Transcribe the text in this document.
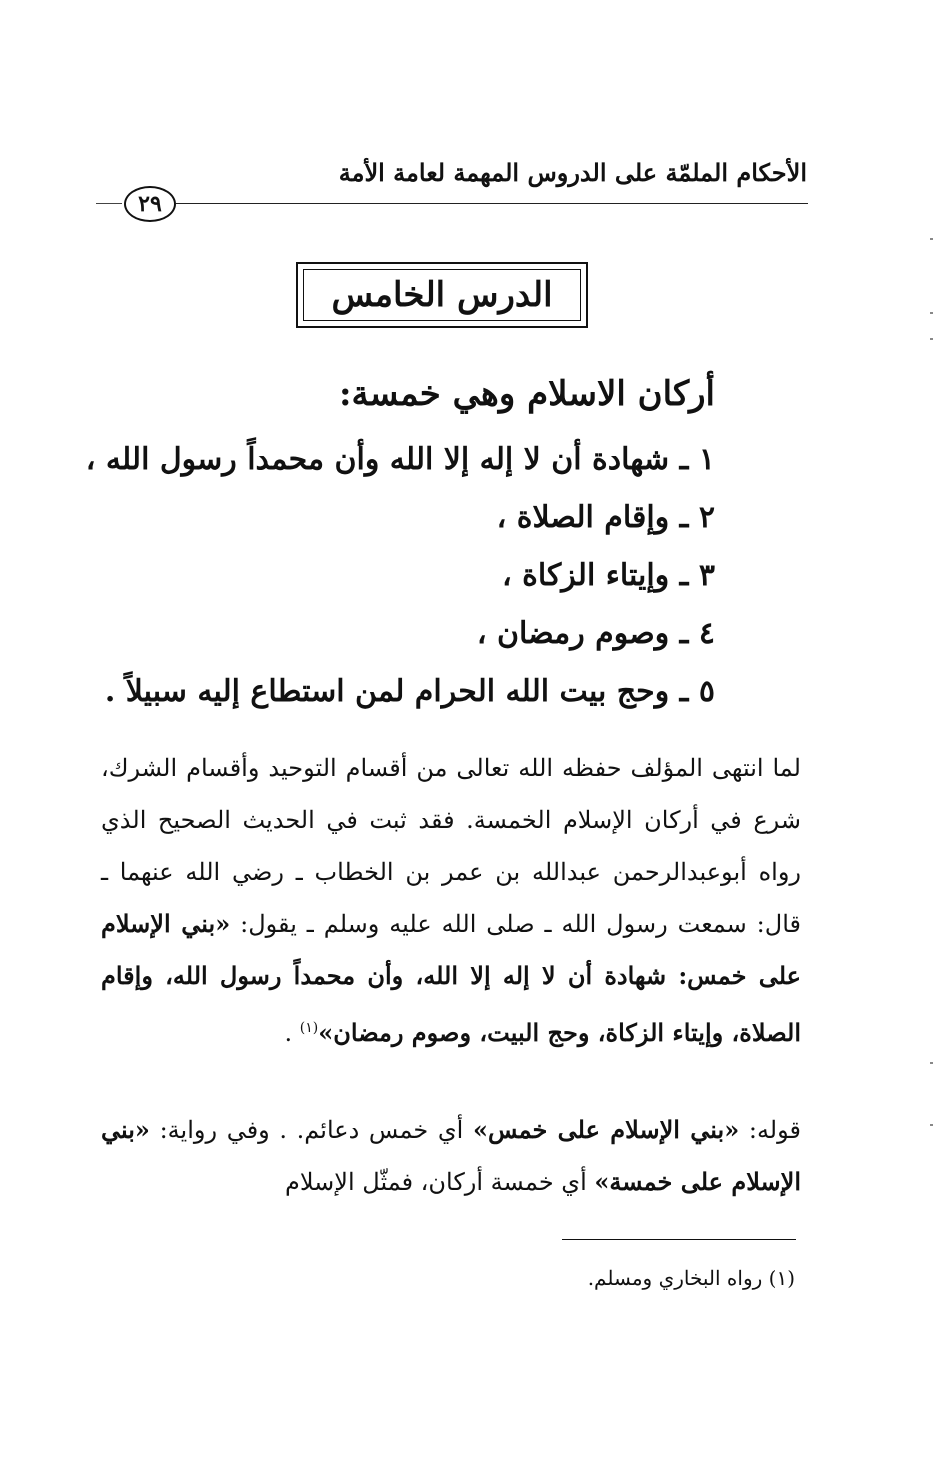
الأحكام الملمّة على الدروس المهمة لعامة الأمة
٢٩
الدرس الخامس
أركان الاسلام وهي خمسة:
١ ـ شهادة أن لا إله إلا الله وأن محمداً رسول الله ،
٢ ـ وإقام الصلاة ،
٣ ـ وإيتاء الزكاة ،
٤ ـ وصوم رمضان ،
٥ ـ وحج بيت الله الحرام لمن استطاع إليه سبيلاً .
لما انتهى المؤلف حفظه الله تعالى من أقسام التوحيد وأقسام الشرك، شرع في أركان الإسلام الخمسة. فقد ثبت في الحديث الصحيح الذي رواه أبوعبدالرحمن عبدالله بن عمر بن الخطاب ـ رضي الله عنهما ـ قال: سمعت رسول الله ـ صلى الله عليه وسلم ـ يقول: «بني الإسلام على خمس: شهادة أن لا إله إلا الله، وأن محمداً رسول الله، وإقام الصلاة، وإيتاء الزكاة، وحج البيت، وصوم رمضان»$^{(١)}$ .
قوله: «بني الإسلام على خمس» أي خمس دعائم. . وفي رواية: «بني الإسلام على خمسة» أي خمسة أركان، فمثّل الإسلام
(١) رواه البخاري ومسلم.
